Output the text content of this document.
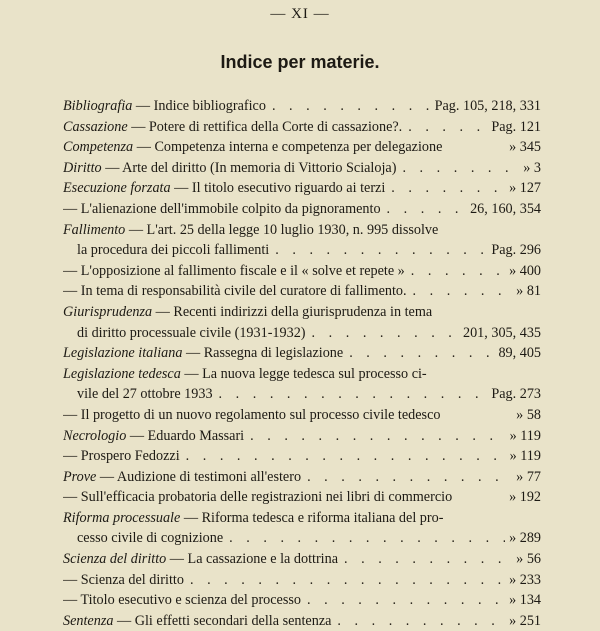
— XI —
Indice per materie.
Bibliografia — Indice bibliografico . . .	Pag. 105, 218, 331
Cassazione — Potere di rettifica della Corte di cassazione?. . . .	Pag. 121
Competenza — Competenza interna e competenza per delegazione	» 345
Diritto — Arte del diritto (In memoria di Vittorio Scialoja) . . .	» 3
Esecuzione forzata — Il titolo esecutivo riguardo ai terzi . . .	» 127
— L'alienazione dell'immobile colpito da pignoramento . . .	26, 160, 354
Fallimento — L'art. 25 della legge 10 luglio 1930, n. 995 dissolve
la procedura dei piccoli fallimenti . . .	Pag. 296
— L'opposizione al fallimento fiscale e il « solve et repete » . . .	» 400
— In tema di responsabilità civile del curatore di fallimento. . . .	» 81
Giurisprudenza — Recenti indirizzi della giurisprudenza in tema
di diritto processuale civile (1931-1932) . . .	201, 305, 435
Legislazione italiana — Rassegna di legislazione . . .	89, 405
Legislazione tedesca — La nuova legge tedesca sul processo ci-
vile del 27 ottobre 1933 . . .	Pag. 273
— Il progetto di un nuovo regolamento sul processo civile tedesco	» 58
Necrologio — Eduardo Massari . . .	» 119
— Prospero Fedozzi . . .	» 119
Prove — Audizione di testimoni all'estero . . .	» 77
— Sull'efficacia probatoria delle registrazioni nei libri di commercio	» 192
Riforma processuale — Riforma tedesca e riforma italiana del pro-
cesso civile di cognizione . . .	» 289
Scienza del diritto — La cassazione e la dottrina . . .	» 56
— Scienza del diritto . . .	» 233
— Titolo esecutivo e scienza del processo . . .	» 134
Sentenza — Gli effetti secondari della sentenza . . .	» 251
